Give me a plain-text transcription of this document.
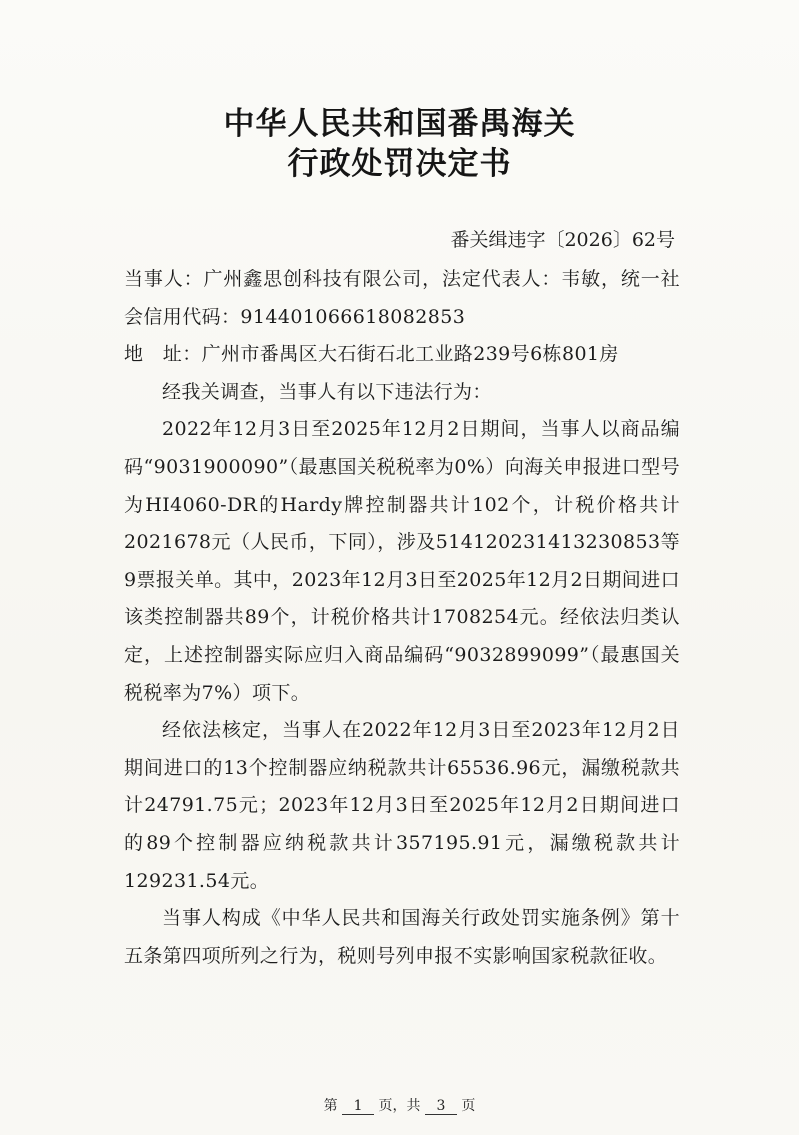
中华人民共和国番禺海关
行政处罚决定书
番关缉违字〔2026〕62号

当事人：广州鑫思创科技有限公司，法定代表人：韦敏，统一社会信用代码：914401066618082853

地　址：广州市番禺区大石街石北工业路239号6栋801房

经我关调查，当事人有以下违法行为：

2022年12月3日至2025年12月2日期间，当事人以商品编码“9031900090”（最惠国关税税率为0%）向海关申报进口型号为HI4060-DR的Hardy牌控制器共计102个，计税价格共计2021678元（人民币，下同），涉及514120231413230853等9票报关单。其中，2023年12月3日至2025年12月2日期间进口该类控制器共89个，计税价格共计1708254元。经依法归类认定，上述控制器实际应归入商品编码“9032899099”（最惠国关税税率为7%）项下。

经依法核定，当事人在2022年12月3日至2023年12月2日期间进口的13个控制器应纳税款共计65536.96元，漏缴税款共计24791.75元；2023年12月3日至2025年12月2日期间进口的89个控制器应纳税款共计357195.91元，漏缴税款共计129231.54元。

当事人构成《中华人民共和国海关行政处罚实施条例》第十五条第四项所列之行为，税则号列申报不实影响国家税款征收。

第 1 页，共 3 页
